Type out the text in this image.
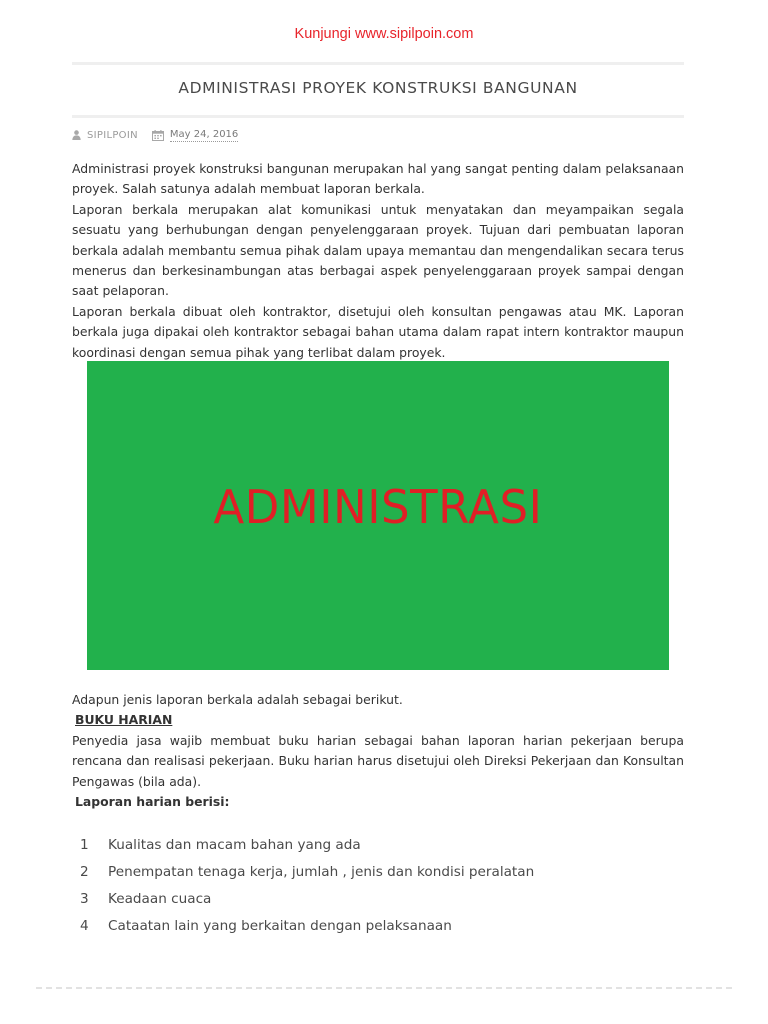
Kunjungi www.sipilpoin.com
ADMINISTRASI PROYEK KONSTRUKSI BANGUNAN
SIPILPOIN	May 24, 2016

Administrasi proyek konstruksi bangunan merupakan hal yang sangat penting dalam pelaksanaan proyek. Salah satunya adalah membuat laporan berkala.

Laporan berkala merupakan alat komunikasi untuk menyatakan dan meyampaikan segala sesuatu yang berhubungan dengan penyelenggaraan proyek. Tujuan dari pembuatan laporan berkala adalah membantu semua pihak dalam upaya memantau dan mengendalikan secara terus menerus dan berkesinambungan atas berbagai aspek penyelenggaraan proyek sampai dengan saat pelaporan.

Laporan berkala dibuat oleh kontraktor, disetujui oleh konsultan pengawas atau MK. Laporan berkala juga dipakai oleh kontraktor sebagai bahan utama dalam rapat intern kontraktor maupun koordinasi dengan semua pihak yang terlibat dalam proyek.

ADMINISTRASI

Adapun jenis laporan berkala adalah sebagai berikut.

BUKU HARIAN

Penyedia jasa wajib membuat buku harian sebagai bahan laporan harian pekerjaan berupa rencana dan realisasi pekerjaan. Buku harian harus disetujui oleh Direksi Pekerjaan dan Konsultan Pengawas (bila ada).

Laporan harian berisi:

1	Kualitas dan macam bahan yang ada
2	Penempatan tenaga kerja, jumlah , jenis dan kondisi peralatan
3	Keadaan cuaca
4	Cataatan lain yang berkaitan dengan pelaksanaan
